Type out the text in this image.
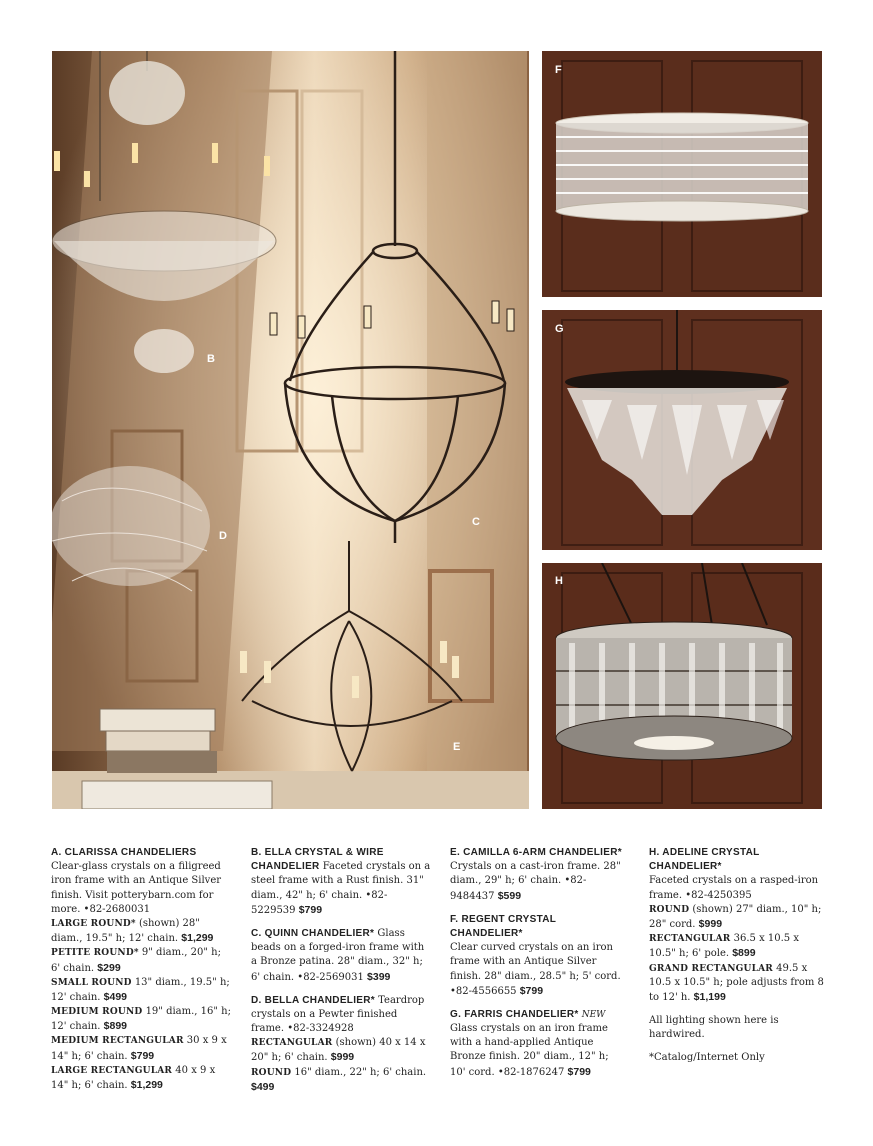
B
C
D
E
F
G
H

A. CLARISSA CHANDELIERS

Clear-glass crystals on a filigreed iron frame with an Antique Silver finish. Visit potterybarn.com for more. •82-2680031

LARGE ROUND* (shown) 28" diam., 19.5" h; 12' chain. $1,299

PETITE ROUND* 9" diam., 20" h; 6' chain. $299

SMALL ROUND 13" diam., 19.5" h; 12' chain. $499

MEDIUM ROUND 19" diam., 16" h; 12' chain. $899

MEDIUM RECTANGULAR 30 x 9 x 14" h; 6' chain. $799

LARGE RECTANGULAR 40 x 9 x 14" h; 6' chain. $1,299

B. ELLA CRYSTAL & WIRE CHANDELIER Faceted crystals on a steel frame with a Rust finish. 31" diam., 42" h; 6' chain. •82-5229539 $799

C. QUINN CHANDELIER* Glass beads on a forged-iron frame with a Bronze patina. 28" diam., 32" h; 6' chain. •82-2569031 $399

D. BELLA CHANDELIER* Teardrop crystals on a Pewter finished frame. •82-3324928

RECTANGULAR (shown) 40 x 14 x 20" h; 6' chain. $999

ROUND 16" diam., 22" h; 6' chain. $499

E. CAMILLA 6-ARM CHANDELIER*

Crystals on a cast-iron frame. 28" diam., 29" h; 6' chain. •82-9484437 $599

F. REGENT CRYSTAL CHANDELIER*

Clear curved crystals on an iron frame with an Antique Silver finish. 28" diam., 28.5" h; 5' cord. •82-4556655 $799

G. FARRIS CHANDELIER* NEW

Glass crystals on an iron frame with a hand-applied Antique Bronze finish. 20" diam., 12" h; 10' cord. •82-1876247 $799

H. ADELINE CRYSTAL CHANDELIER*

Faceted crystals on a rasped-iron frame. •82-4250395

ROUND (shown) 27" diam., 10" h; 28" cord. $999

RECTANGULAR 36.5 x 10.5 x 10.5" h; 6' pole. $899

GRAND RECTANGULAR 49.5 x 10.5 x 10.5" h; pole adjusts from 8 to 12' h. $1,199

All lighting shown here is hardwired.

*Catalog/Internet Only
